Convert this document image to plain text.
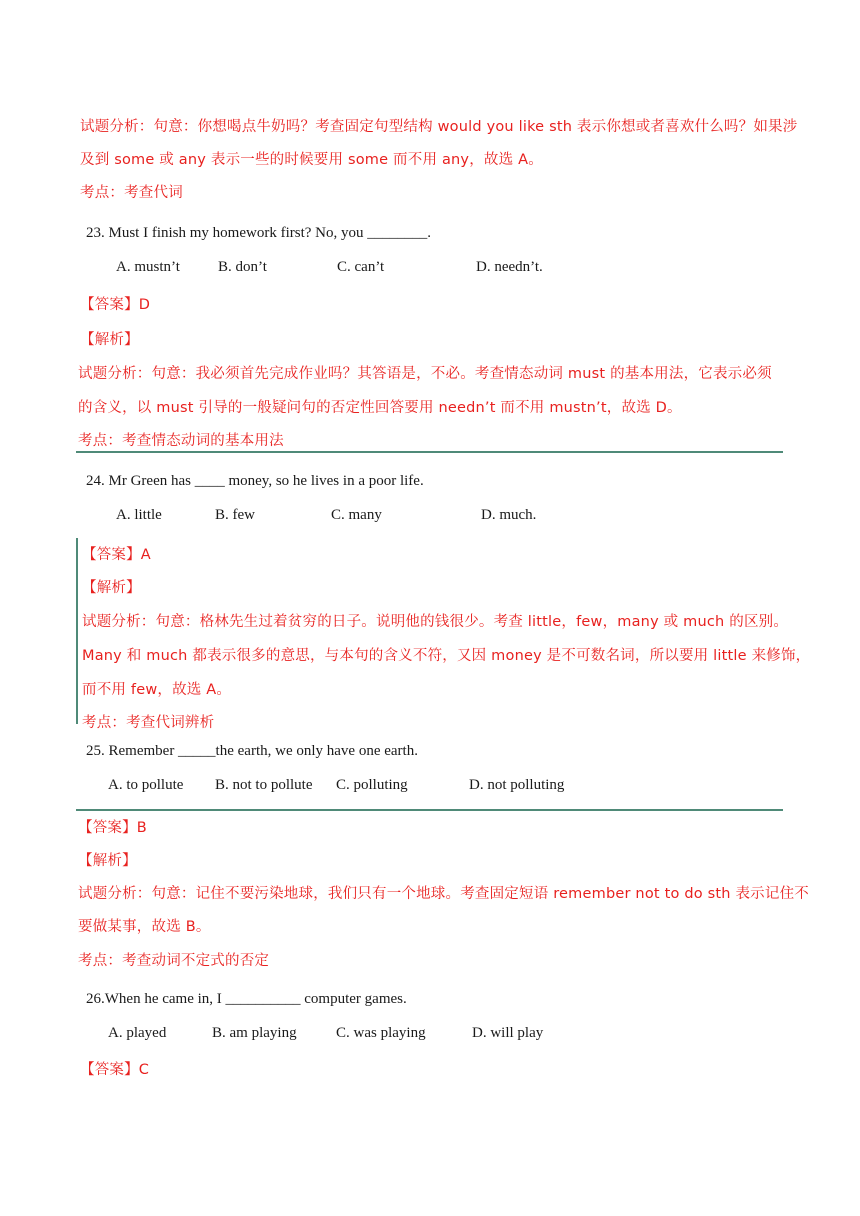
试题分析：句意：你想喝点牛奶吗？考查固定句型结构 would you like sth 表示你想或者喜欢什么吗？如果涉
及到 some 或 any 表示一些的时候要用 some 而不用 any，故选 A。
考点：考查代词
23. Must I finish my homework first? No, you ________.
A. mustn’t	B. don’t	C. can’t	D. needn’t.
【答案】D
【解析】
试题分析：句意：我必须首先完成作业吗？其答语是，不必。考查情态动词 must 的基本用法，它表示必须
的含义，以 must 引导的一般疑问句的否定性回答要用 needn’t 而不用 mustn’t，故选 D。
考点：考查情态动词的基本用法
24. Mr Green has ____ money, so he lives in a poor life.
A. little	B. few	C. many	D. much.
【答案】A
【解析】
试题分析：句意：格林先生过着贫穷的日子。说明他的钱很少。考查 little，few，many 或 much 的区别。
Many 和 much 都表示很多的意思，与本句的含义不符，又因 money 是不可数名词，所以要用 little 来修饰，
而不用 few，故选 A。
考点：考查代词辨析
25. Remember _____the earth, we only have one earth.
A. to pollute B. not to pollute C. polluting	D. not polluting
【答案】B
【解析】
试题分析：句意：记住不要污染地球，我们只有一个地球。考查固定短语 remember not to do sth 表示记住不
要做某事，故选 B。
考点：考查动词不定式的否定
26.When he came in, I __________ computer games.
A. played	B. am playing	C. was playing	D. will play
【答案】C
